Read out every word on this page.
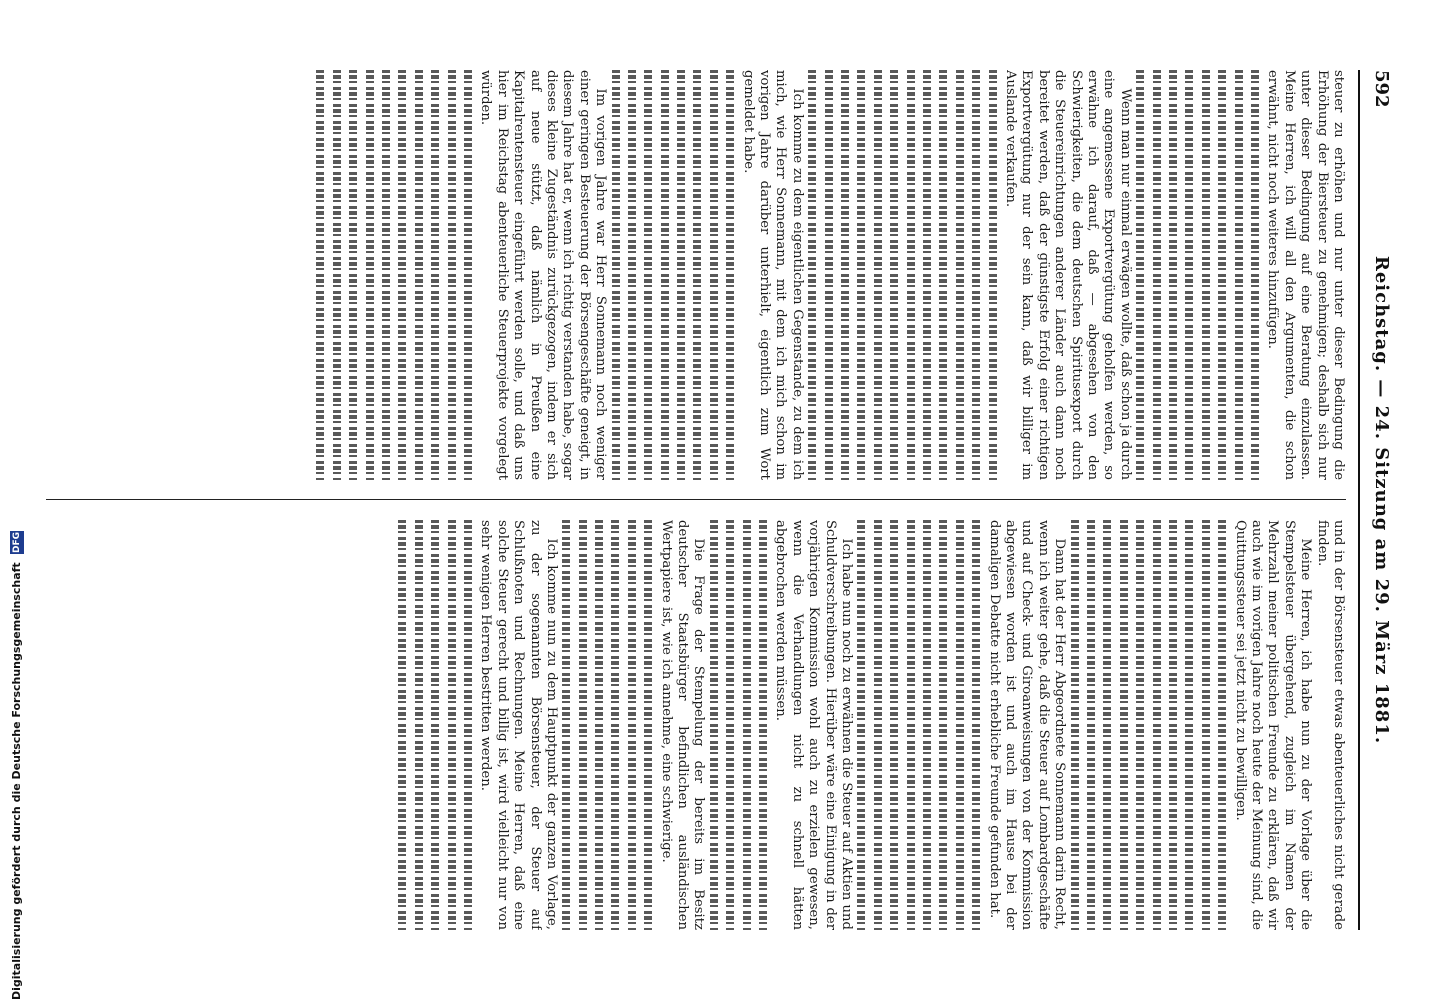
592
Reichstag. — 24. Sitzung am 29. März 1881.

steuer zu erhöhen und nur unter dieser Bedingung die Erhöhung der Biersteuer zu genehmigen; deshalb sich nur unter dieser Bedingung auf eine Beratung einzulassen. Meine Herren, ich will all den Argumenten, die schon erwähnt, nicht noch weiteres hinzufügen.

Wenn man nur einmal erwägen wollte, daß schon ja durch eine angemessene Exportvergütung geholfen werden, so erwähne ich darauf, daß — abgesehen von den Schwierigkeiten, die dem deutschen Spiritusexport durch die Steuereinrichtungen anderer Länder auch dann noch bereitet werden, daß der günstigste Erfolg einer richtigen Exportvergütung nur der sein kann, daß wir billiger im Auslande verkaufen.

Ich komme zu dem eigentlichen Gegenstande, zu dem ich mich, wie Herr Sonnemann, mit dem ich mich schon im vorigen Jahre darüber unterhielt, eigentlich zum Wort gemeldet habe.

Im vorigen Jahre war Herr Sonnemann noch weniger einer geringen Besteuerung der Börsengeschäfte geneigt, in diesem Jahre hat er, wenn ich richtig verstanden habe, sogar dieses kleine Zugeständnis zurückgezogen, indem er sich auf neue stützt, daß nämlich in Preußen eine Kapitalrentensteuer eingeführt werden solle, und daß uns hier im Reichstag abenteuerliche Steuerprojekte vorgelegt würden.

und in der Börsensteuer etwas abenteuerliches nicht gerade finden.

Meine Herren, ich habe nun zu der Vorlage über die Stempelsteuer übergehend, zugleich im Namen der Mehrzahl meiner politischen Freunde zu erklären, daß wir auch wie im vorigen Jahre noch heute der Meinung sind, die Quittungssteuer sei jetzt nicht zu bewilligen.

Dann hat der Herr Abgeordnete Sonnemann darin Recht, wenn ich weiter gehe, daß die Steuer auf Lombardgeschäfte und auf Check- und Giroanweisungen von der Kommission abgewiesen worden ist und auch im Hause bei der damaligen Debatte nicht erhebliche Freunde gefunden hat.

Ich habe nun noch zu erwähnen die Steuer auf Aktien und Schuldverschreibungen. Hierüber wäre eine Einigung in der vorjährigen Kommission wohl auch zu erzielen gewesen, wenn die Verhandlungen nicht zu schnell hätten abgebrochen werden müssen.

Die Frage der Stempelung der bereits im Besitz deutscher Staatsbürger befindlichen ausländischen Wertpapiere ist, wie ich annehme, eine schwierige.

Ich komme nun zu dem Hauptpunkt der ganzen Vorlage, zu der sogenannten Börsensteuer, der Steuer auf Schlußnoten und Rechnungen. Meine Herren, daß eine solche Steuer gerecht und billig ist, wird vielleicht nur von sehr wenigen Herren bestritten werden.

Digitalisierung gefördert durch die Deutsche Forschungsgemeinschaft DFG
